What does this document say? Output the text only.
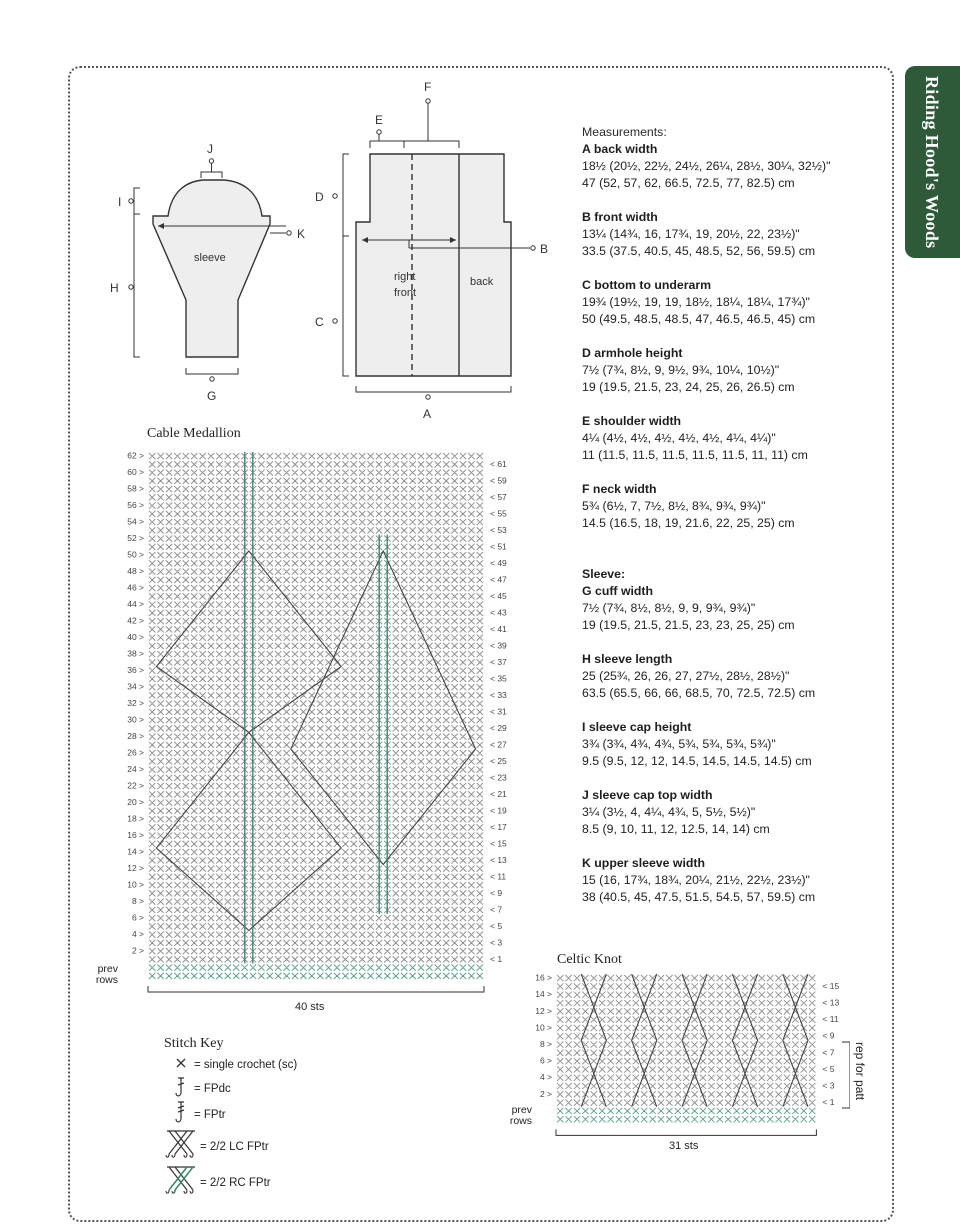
Riding Hood's Woods
J
I
K
H
G
sleeve
F
E
D
C
B
A
right
front
back
Measurements:
A back width
18½ (20½, 22½, 24½, 26¼, 28½, 30¼, 32½)"
47 (52, 57, 62, 66.5, 72.5, 77, 82.5) cm
B front width
13¼ (14¾, 16, 17¾, 19, 20½, 22, 23½)"
33.5 (37.5, 40.5, 45, 48.5, 52, 56, 59.5) cm
C bottom to underarm
19¾ (19½, 19, 19, 18½, 18¼, 18¼, 17¾)"
50 (49.5, 48.5, 48.5, 47, 46.5, 46.5, 45) cm
D armhole height
7½ (7¾, 8½, 9, 9½, 9¾, 10¼, 10½)"
19 (19.5, 21.5, 23, 24, 25, 26, 26.5) cm
E shoulder width
4¼ (4½, 4½, 4½, 4½, 4½, 4¼, 4¼)"
11 (11.5, 11.5, 11.5, 11.5, 11.5, 11, 11) cm
F neck width
5¾ (6½, 7, 7½, 8½, 8¾, 9¾, 9¾)"
14.5 (16.5, 18, 19, 21.6, 22, 25, 25) cm
Sleeve:
G cuff width
7½ (7¾, 8½, 8½, 9, 9, 9¾, 9¾)"
19 (19.5, 21.5, 21.5, 23, 23, 25, 25) cm
H sleeve length
25 (25¾, 26, 26, 27, 27½, 28½, 28½)"
63.5 (65.5, 66, 66, 68.5, 70, 72.5, 72.5) cm
I sleeve cap height
3¾ (3¾, 4¾, 4¾, 5¾, 5¾, 5¾, 5¾)"
9.5 (9.5, 12, 12, 14.5, 14.5, 14.5, 14.5) cm
J sleeve cap top width
3¼ (3½, 4, 4¼, 4¾, 5, 5½, 5½)"
8.5 (9, 10, 11, 12, 12.5, 14, 14) cm
K upper sleeve width
15 (16, 17¾, 18¾, 20¼, 21½, 22½, 23½)"
38 (40.5, 45, 47.5, 51.5, 54.5, 57, 59.5) cm
Cable Medallion
< 1
2 >
< 3
4 >
< 5
6 >
< 7
8 >
< 9
10 >
< 11
12 >
< 13
14 >
< 15
16 >
< 17
18 >
< 19
20 >
< 21
22 >
< 23
24 >
< 25
26 >
< 27
28 >
< 29
30 >
< 31
32 >
< 33
34 >
< 35
36 >
< 37
38 >
< 39
40 >
< 41
42 >
< 43
44 >
< 45
46 >
< 47
48 >
< 49
50 >
< 51
52 >
< 53
54 >
< 55
56 >
< 57
58 >
< 59
60 >
< 61
62 >
prev
rows
40 sts
Celtic Knot
< 1
2 >
< 3
4 >
< 5
6 >
< 7
8 >
< 9
10 >
< 11
12 >
< 13
14 >
< 15
16 >
prev
rows
31 sts
rep for patt
Stitch Key
= single crochet (sc)
= FPdc
= FPtr
= 2/2 LC FPtr
= 2/2 RC FPtr
